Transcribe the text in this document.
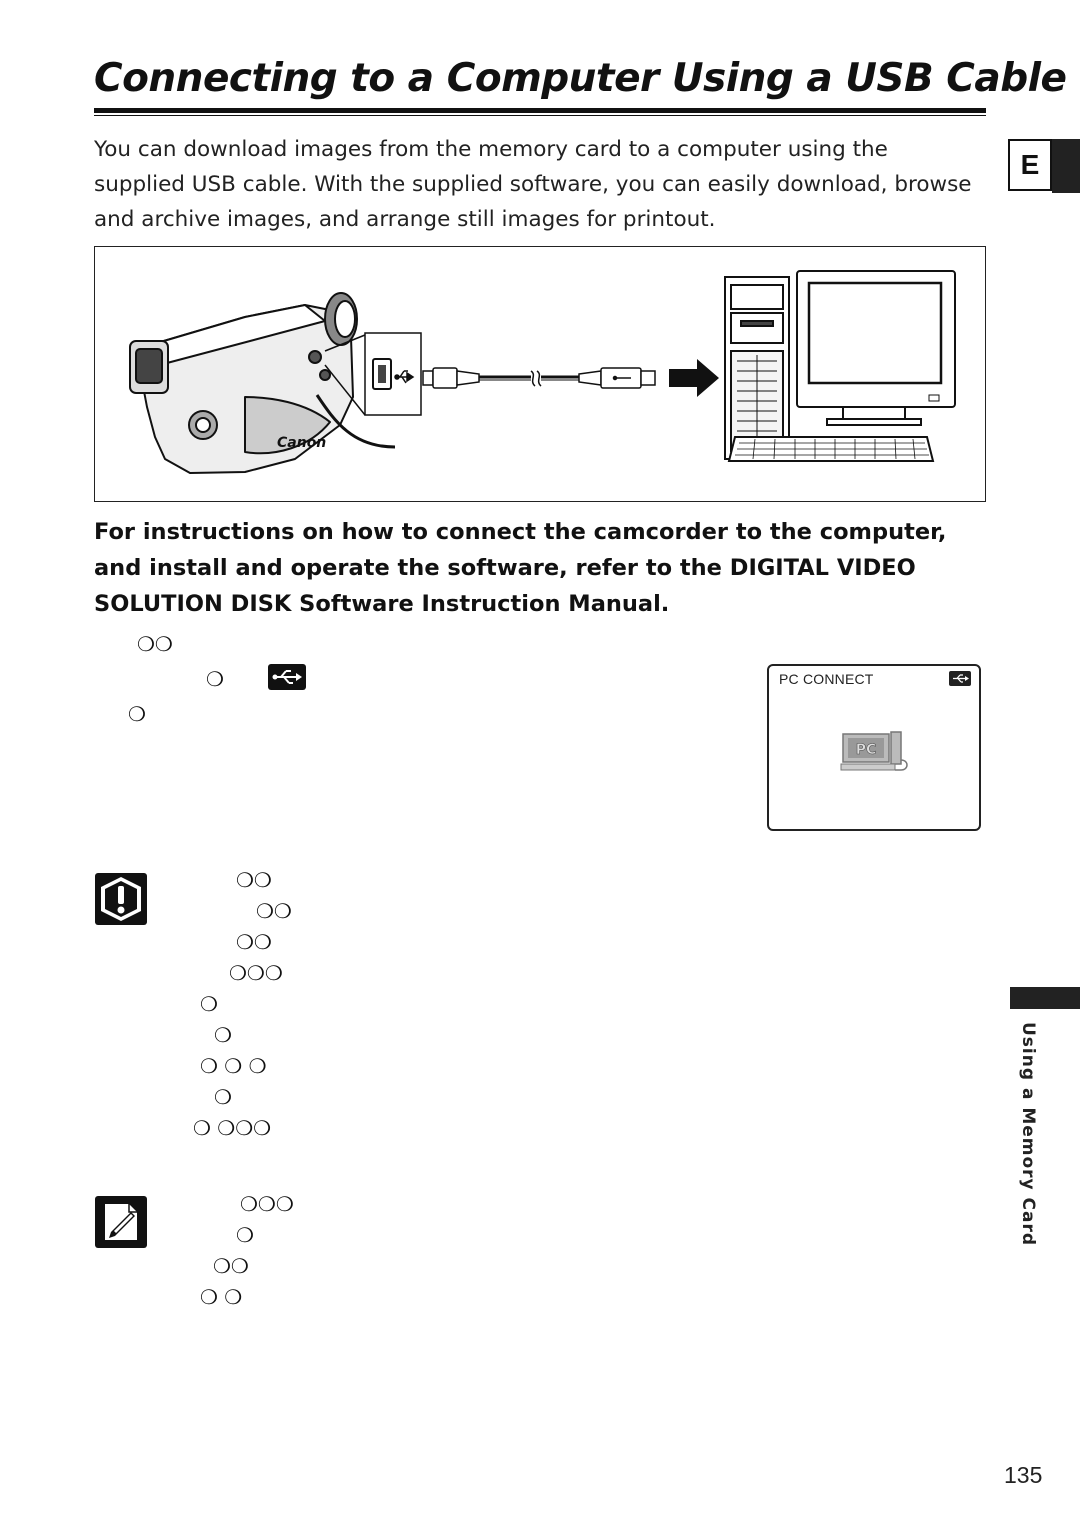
Connecting to a Computer Using a USB Cable
You can download images from the memory card to a computer using the supplied USB cable. With the supplied software, you can easily download, browse and archive images, and arrange still images for printout.
E
Canon
For instructions on how to connect the camcorder to the computer, and install and operate the software, refer to the DIGITAL VIDEO SOLUTION DISK Software Instruction Manual.
❍❍
❍
❍
PC CONNECT
PC
❍❍
❍❍
❍❍
❍❍❍
❍
❍
❍ ❍ ❍
❍
❍ ❍❍❍
❍❍❍
❍
❍❍
❍ ❍
Using a Memory Card
135
